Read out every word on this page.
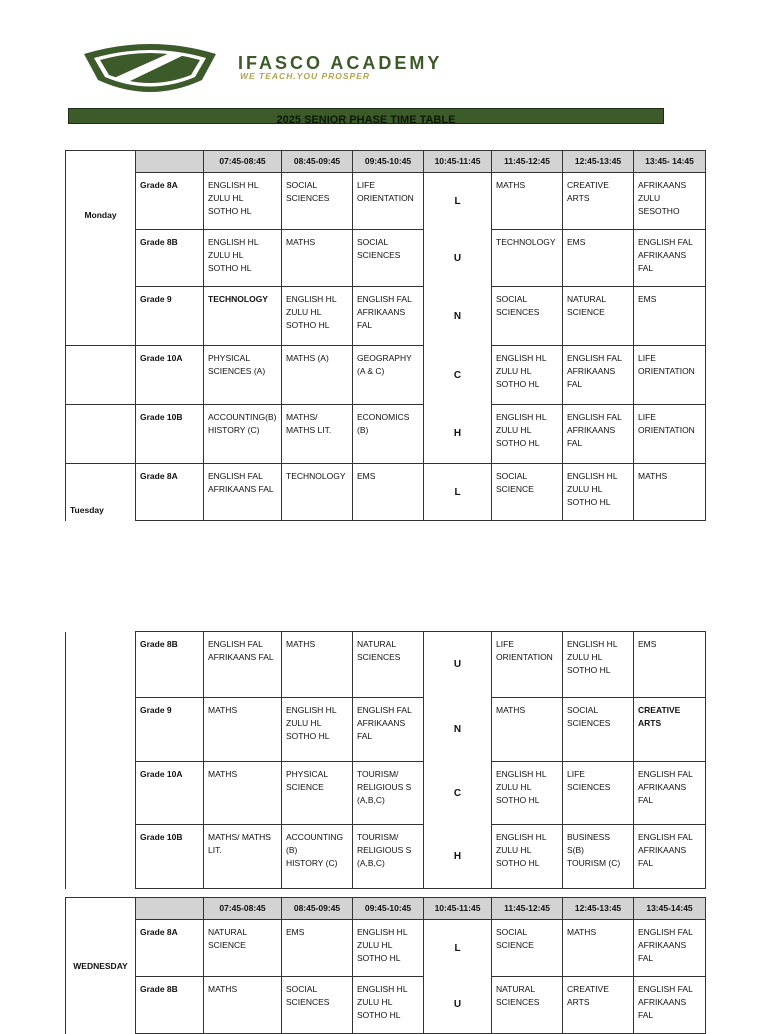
IFASCO ACADEMY
WE TEACH.YOU PROSPER
2025 SENIOR PHASE TIME TABLE
		07:45-08:45	08:45-09:45	09:45-10:45	10:45-11:45	11:45-12:45	12:45-13:45	13:45- 14:45
Monday	Grade 8A	ENGLISH HL
ZULU HL
SOTHO HL	SOCIAL
SCIENCES	LIFE
ORIENTATION	L	MATHS	CREATIVE
ARTS	AFRIKAANS
ZULU
SESOTHO
	Grade 8B	ENGLISH HL
ZULU HL
SOTHO HL	MATHS	SOCIAL
SCIENCES	U	TECHNOLOGY	EMS	ENGLISH FAL
AFRIKAANS
FAL
	Grade 9	TECHNOLOGY	ENGLISH HL
ZULU HL
SOTHO HL	ENGLISH FAL
AFRIKAANS
FAL	N	SOCIAL
SCIENCES	NATURAL
SCIENCE	EMS
	Grade 10A	PHYSICAL
SCIENCES (A)	MATHS (A)	GEOGRAPHY
(A & C)	C	ENGLISH HL
ZULU HL
SOTHO HL	ENGLISH FAL
AFRIKAANS
FAL	LIFE
ORIENTATION
	Grade 10B	ACCOUNTING(B)
HISTORY (C)	MATHS/
MATHS LIT.	ECONOMICS
(B)	H	ENGLISH HL
ZULU HL
SOTHO HL	ENGLISH FAL
AFRIKAANS
FAL	LIFE
ORIENTATION
Tuesday	Grade 8A	ENGLISH FAL
AFRIKAANS FAL	TECHNOLOGY	EMS	L	SOCIAL
SCIENCE	ENGLISH HL
ZULU HL
SOTHO HL	MATHS
	Grade 8B	ENGLISH FAL
AFRIKAANS FAL	MATHS	NATURAL
SCIENCES	U	LIFE
ORIENTATION	ENGLISH HL
ZULU HL
SOTHO HL	EMS
	Grade 9	MATHS	ENGLISH HL
ZULU HL
SOTHO HL	ENGLISH FAL
AFRIKAANS
FAL	N	MATHS	SOCIAL
SCIENCES	CREATIVE
ARTS
	Grade 10A	MATHS	PHYSICAL
SCIENCE	TOURISM/
RELIGIOUS S
(A,B,C)	C	ENGLISH HL
ZULU HL
SOTHO HL	LIFE SCIENCES	ENGLISH FAL
AFRIKAANS
FAL
	Grade 10B	MATHS/ MATHS
LIT.	ACCOUNTING
(B)
HISTORY (C)	TOURISM/
RELIGIOUS S
(A,B,C)	H	ENGLISH HL
ZULU HL
SOTHO HL	BUSINESS S(B)
TOURISM (C)	ENGLISH FAL
AFRIKAANS
FAL
		07:45-08:45	08:45-09:45	09:45-10:45	10:45-11:45	11:45-12:45	12:45-13:45	13:45-14:45
WEDNESDAY	Grade 8A	NATURAL
SCIENCE	EMS	ENGLISH HL
ZULU HL
SOTHO HL	L	SOCIAL
SCIENCE	MATHS	ENGLISH FAL
AFRIKAANS
FAL
	Grade 8B	MATHS	SOCIAL
SCIENCES	ENGLISH HL
ZULU HL
SOTHO HL	U	NATURAL
SCIENCES	CREATIVE
ARTS	ENGLISH FAL
AFRIKAANS
FAL
